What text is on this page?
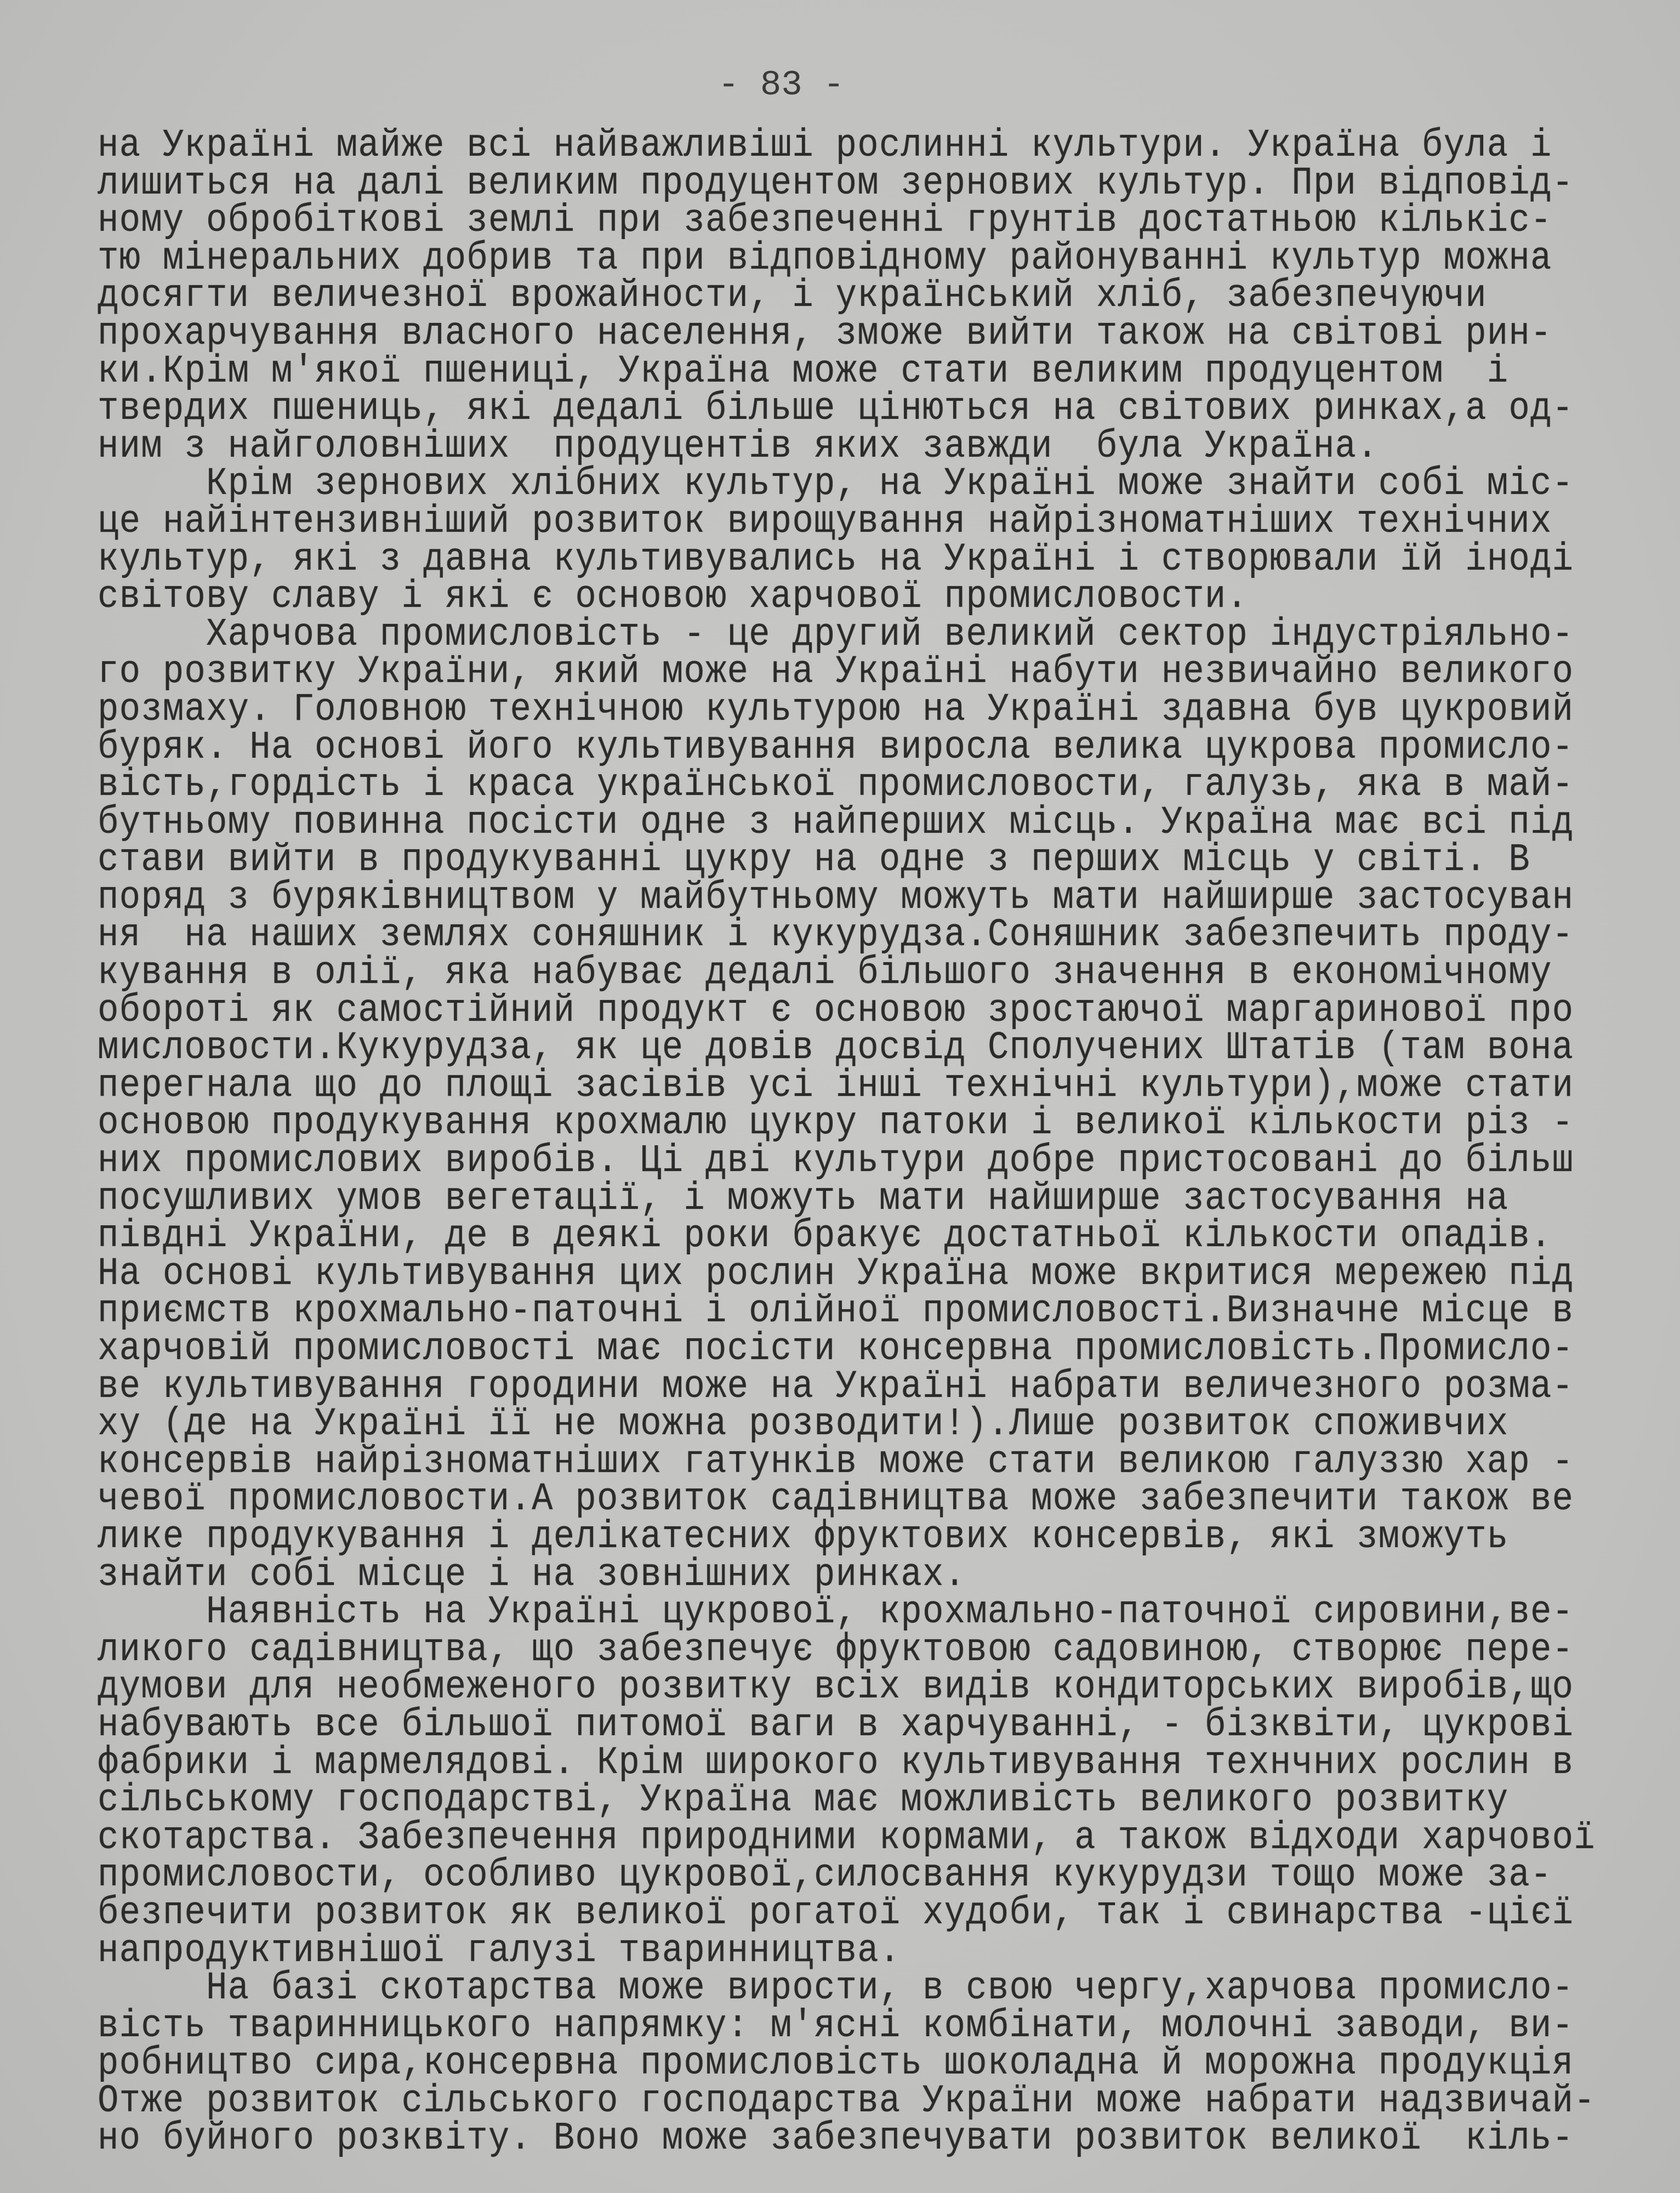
- 83 -
на Україні майже всі найважливіші рослинні культури. Україна була і
лишиться на далі великим продуцентом зернових культур. При відповід-
ному обробіткові землі при забезпеченні грунтів достатньою кількіс-
тю мінеральних добрив та при відповідному районуванні культур можна
досягти величезної врожайности, і український хліб, забезпечуючи
прохарчування власного населення, зможе вийти також на світові рин-
ки.Крім м'якої пшениці, Україна може стати великим продуцентом  і
твердих пшениць, які дедалі більше цінються на світових ринках,а од-
ним з найголовніших  продуцентів яких завжди  була Україна.
Крім зернових хлібних культур, на Україні може знайти собі міс-
це найінтензивніший розвиток вирощування найрізноматніших технічних
культур, які з давна культивувались на Україні і створювали їй іноді
світову славу і які є основою харчової промисловости.
Харчова промисловість - це другий великий сектор індустріяльно-
го розвитку України, який може на Україні набути незвичайно великого
розмаху. Головною технічною культурою на Україні здавна був цукровий
буряк. На основі його культивування виросла велика цукрова промисло-
вість,гордість і краса української промисловости, галузь, яка в май-
бутньому повинна посісти одне з найперших місць. Україна має всі під
стави вийти в продукуванні цукру на одне з перших місць у світі. В
поряд з буряківництвом у майбутньому можуть мати найширше застосуван
ня  на наших землях соняшник і кукурудза.Соняшник забезпечить проду-
кування в олії, яка набуває дедалі більшого значення в економічному
обороті як самостійний продукт є основою зростаючої маргаринової про
мисловости.Кукурудза, як це довів досвід Сполучених Штатів (там вона
перегнала що до площі засівів усі інші технічні культури),може стати
основою продукування крохмалю цукру патоки і великої кількости різ -
них промислових виробів. Ці дві культури добре пристосовані до більш
посушливих умов вегетації, і можуть мати найширше застосування на
півдні України, де в деякі роки бракує достатньої кількости опадів.
На основі культивування цих рослин Україна може вкритися мережею під
приємств крохмально-паточні і олійної промисловості.Визначне місце в
харчовій промисловості має посісти консервна промисловість.Промисло-
ве культивування городини може на Україні набрати величезного розма-
ху (де на Україні її не можна розводити!).Лише розвиток споживчих
консервів найрізноматніших гатунків може стати великою галуззю хар -
чевої промисловости.А розвиток садівництва може забезпечити також ве
лике продукування і делікатесних фруктових консервів, які зможуть
знайти собі місце і на зовнішних ринках.
Наявність на Україні цукрової, крохмально-паточної сировини,ве-
ликого садівництва, що забезпечує фруктовою садовиною, створює пере-
думови для необмеженого розвитку всіх видів кондиторських виробів,що
набувають все більшої питомої ваги в харчуванні, - бізквіти, цукрові
фабрики і мармелядові. Крім широкого культивування технчних рослин в
сільському господарстві, Україна має можливість великого розвитку
скотарства. Забезпечення природними кормами, а також відходи харчової
промисловости, особливо цукрової,силосвання кукурудзи тощо може за-
безпечити розвиток як великої рогатої худоби, так і свинарства -цієї
напродуктивнішої галузі тваринництва.
На базі скотарства може вирости, в свою чергу,харчова промисло-
вість тваринницького напрямку: м'ясні комбінати, молочні заводи, ви-
робництво сира,консервна промисловість шоколадна й морожна продукція
Отже розвиток сільського господарства України може набрати надзвичай-
но буйного розквіту. Воно може забезпечувати розвиток великої  кіль-
